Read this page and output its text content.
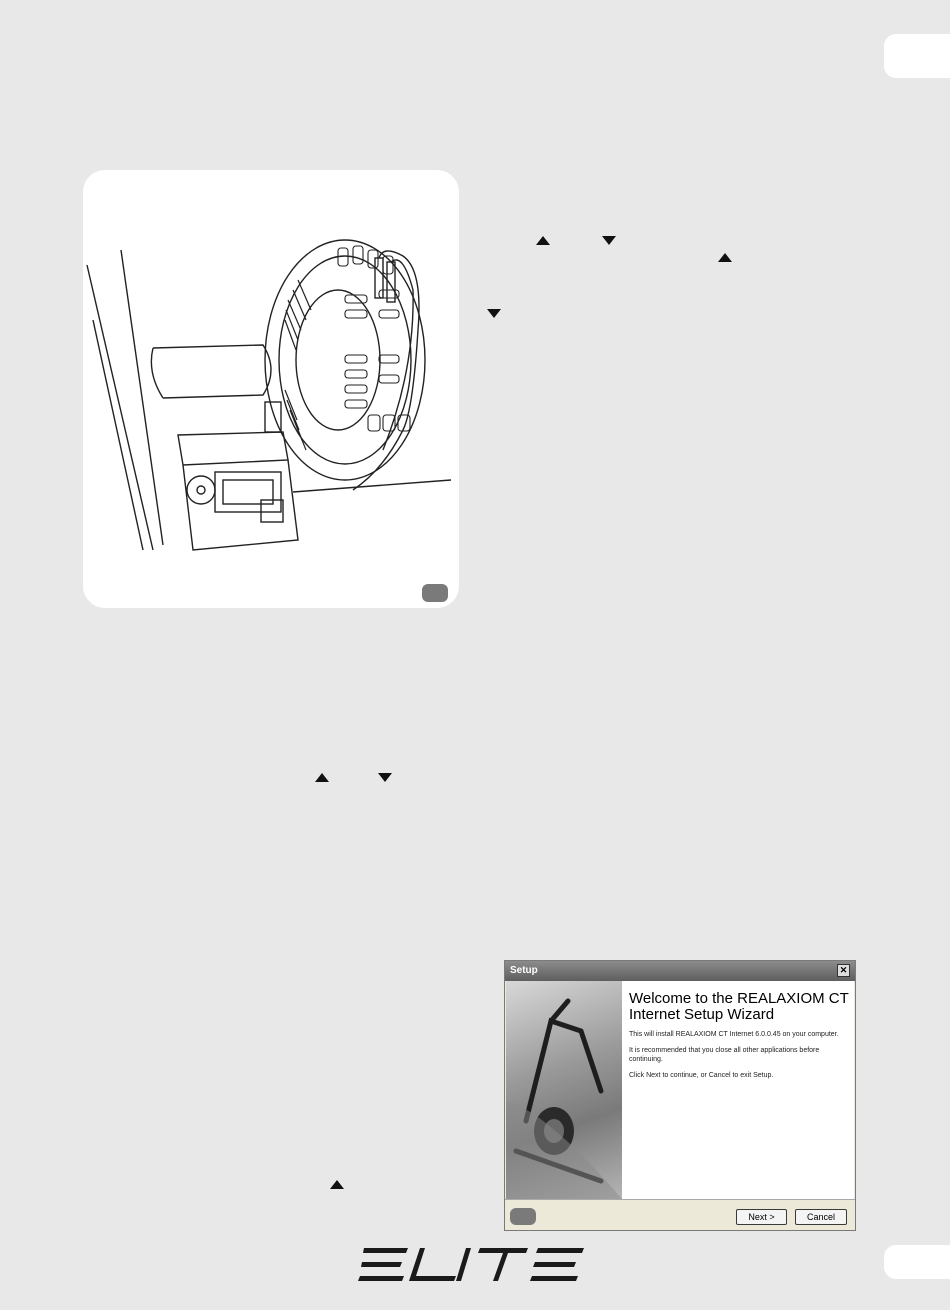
Setup	✕
Welcome to the REALAXIOM CT
Internet Setup Wizard

This will install REALAXIOM CT Internet 6.0.0.45 on your computer.

It is recommended that you close all other applications before continuing.

Click Next to continue, or Cancel to exit Setup.

Next >	Cancel
